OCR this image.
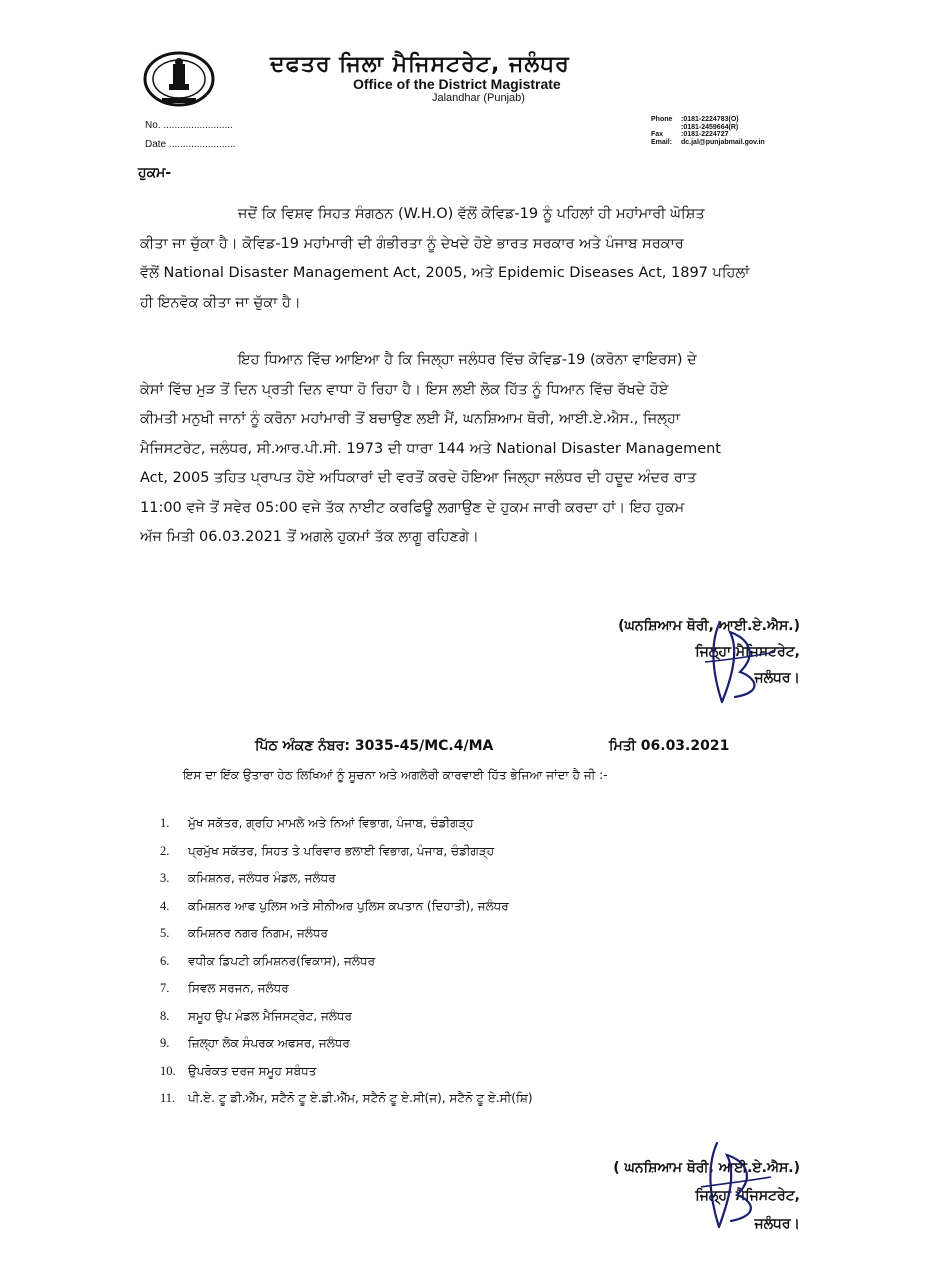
ਦਫਤਰ ਜਿਲਾ ਮੈਜਿਸਟਰੇਟ, ਜਲੰਧਰ
Office of the District Magistrate
Jalandhar (Punjab)
No. .........................
Date ........................
Phone :0181-2224783(O)
:0181-2459664(R)
Fax	:0181-2224727
Email: dc.jal@punjabmail.gov.in
ਹੁਕਮ-
ਜਦੋਂ ਕਿ ਵਿਸ਼ਵ ਸਿਹਤ ਸੰਗਠਨ (W.H.O) ਵੱਲੋਂ ਕੋਵਿਡ-19 ਨੂੰ ਪਹਿਲਾਂ ਹੀ ਮਹਾਂਮਾਰੀ ਘੋਸ਼ਿਤ
ਕੀਤਾ ਜਾ ਚੁੱਕਾ ਹੈ। ਕੋਵਿਡ-19 ਮਹਾਂਮਾਰੀ ਦੀ ਗੰਭੀਰਤਾ ਨੂੰ ਦੇਖਦੇ ਹੋਏ ਭਾਰਤ ਸਰਕਾਰ ਅਤੇ ਪੰਜਾਬ ਸਰਕਾਰ
ਵੱਲੋਂ National Disaster Management Act, 2005, ਅਤੇ Epidemic Diseases Act, 1897 ਪਹਿਲਾਂ
ਹੀ ਇਨਵੋਕ ਕੀਤਾ ਜਾ ਚੁੱਕਾ ਹੈ।
ਇਹ ਧਿਆਨ ਵਿੱਚ ਆਇਆ ਹੈ ਕਿ ਜਿਲ੍ਹਾ ਜਲੰਧਰ ਵਿੱਚ ਕੋਵਿਡ-19 (ਕਰੋਨਾ ਵਾਇਰਸ) ਦੇ
ਕੇਸਾਂ ਵਿੱਚ ਮੁੜ ਤੋਂ ਦਿਨ ਪ੍ਰਤੀ ਦਿਨ ਵਾਧਾ ਹੋ ਰਿਹਾ ਹੈ। ਇਸ ਲਈ ਲੋਕ ਹਿੱਤ ਨੂੰ ਧਿਆਨ ਵਿੱਚ ਰੱਖਦੇ ਹੋਏ
ਕੀਮਤੀ ਮਨੁਖੀ ਜਾਨਾਂ ਨੂੰ ਕਰੋਨਾ ਮਹਾਂਮਾਰੀ ਤੋਂ ਬਚਾਉਣ ਲਈ ਮੈਂ, ਘਨਸ਼ਿਆਮ ਥੋਰੀ, ਆਈ.ਏ.ਐਸ., ਜਿਲ੍ਹਾ
ਮੈਜਿਸਟਰੇਟ, ਜਲੰਧਰ, ਸੀ.ਆਰ.ਪੀ.ਸੀ. 1973 ਦੀ ਧਾਰਾ 144 ਅਤੇ National Disaster Management
Act, 2005 ਤਹਿਤ ਪ੍ਰਾਪਤ ਹੋਏ ਅਧਿਕਾਰਾਂ ਦੀ ਵਰਤੋਂ ਕਰਦੇ ਹੋਇਆ ਜਿਲ੍ਹਾ ਜਲੰਧਰ ਦੀ ਹਦੂਦ ਅੰਦਰ ਰਾਤ
11:00 ਵਜੇ ਤੋਂ ਸਵੇਰ 05:00 ਵਜੇ ਤੱਕ ਨਾਈਟ ਕਰਫਿਊ ਲਗਾਉਣ ਦੇ ਹੁਕਮ ਜਾਰੀ ਕਰਦਾ ਹਾਂ। ਇਹ ਹੁਕਮ
ਅੱਜ ਮਿਤੀ 06.03.2021 ਤੋਂ ਅਗਲੇ ਹੁਕਮਾਂ ਤੱਕ ਲਾਗੂ ਰਹਿਣਗੇ।
(ਘਨਸ਼ਿਆਮ ਥੋਰੀ, ਆਈ.ਏ.ਐਸ.)
ਜਿਲ੍ਹਾ ਮੈਜਿਸਟਰੇਟ,
ਜਲੰਧਰ।
ਪਿੱਠ ਅੰਕਣ ਨੰਬਰ: 3035-45/MC.4/MA	ਮਿਤੀ 06.03.2021
ਇਸ ਦਾ ਇੱਕ ਉਤਾਰਾ ਹੇਠ ਲਿਖਿਆਂ ਨੂੰ ਸੂਚਨਾ ਅਤੇ ਅਗਲੇਰੀ ਕਾਰਵਾਈ ਹਿੱਤ ਭੇਜਿਆ ਜਾਂਦਾ ਹੈ ਜੀ :-
1. ਮੁੱਖ ਸਕੱਤਰ, ਗ੍ਰਹਿ ਮਾਮਲੇ ਅਤੇ ਨਿਆਂ ਵਿਭਾਗ, ਪੰਜਾਬ, ਚੰਡੀਗੜ੍ਹ
2. ਪ੍ਰਮੁੱਖ ਸਕੱਤਰ, ਸਿਹਤ ਤੇ ਪਰਿਵਾਰ ਭਲਾਈ ਵਿਭਾਗ, ਪੰਜਾਬ, ਚੰਡੀਗੜ੍ਹ
3. ਕਮਿਸ਼ਨਰ, ਜਲੰਧਰ ਮੰਡਲ, ਜਲੰਧਰ
4. ਕਮਿਸ਼ਨਰ ਆਫ ਪੁਲਿਸ ਅਤੇ ਸੀਨੀਅਰ ਪੁਲਿਸ ਕਪਤਾਨ (ਦਿਹਾਤੀ), ਜਲੰਧਰ
5. ਕਮਿਸ਼ਨਰ ਨਗਰ ਨਿਗਮ, ਜਲੰਧਰ
6. ਵਧੀਕ ਡਿਪਟੀ ਕਮਿਸ਼ਨਰ(ਵਿਕਾਸ), ਜਲੰਧਰ
7. ਸਿਵਲ ਸਰਜਨ, ਜਲੰਧਰ
8. ਸਮੂਹ ਉਪ ਮੰਡਲ ਮੈਜਿਸਟ੍ਰੇਟ, ਜਲੰਧਰ
9. ਜ਼ਿਲ੍ਹਾ ਲੋਕ ਸੰਪਰਕ ਅਫਸਰ, ਜਲੰਧਰ
10. ਉਪਰੋਕਤ ਦਰਜ ਸਮੂਹ ਸਬੰਧਤ
11. ਪੀ.ਏ. ਟੂ ਡੀ.ਐੱਮ, ਸਟੈਨੋ ਟੂ ਏ.ਡੀ.ਐੱਮ, ਸਟੈਨੋ ਟੂ ਏ.ਸੀ(ਜ), ਸਟੈਨੋ ਟੂ ਏ.ਸੀ(ਸ਼ਿ)
( ਘਨਸ਼ਿਆਮ ਥੋਰੀ, ਆਈ.ਏ.ਐਸ.)
ਜਿਲ੍ਹਾ ਮੈਜਿਸਟਰੇਟ,
ਜਲੰਧਰ।
